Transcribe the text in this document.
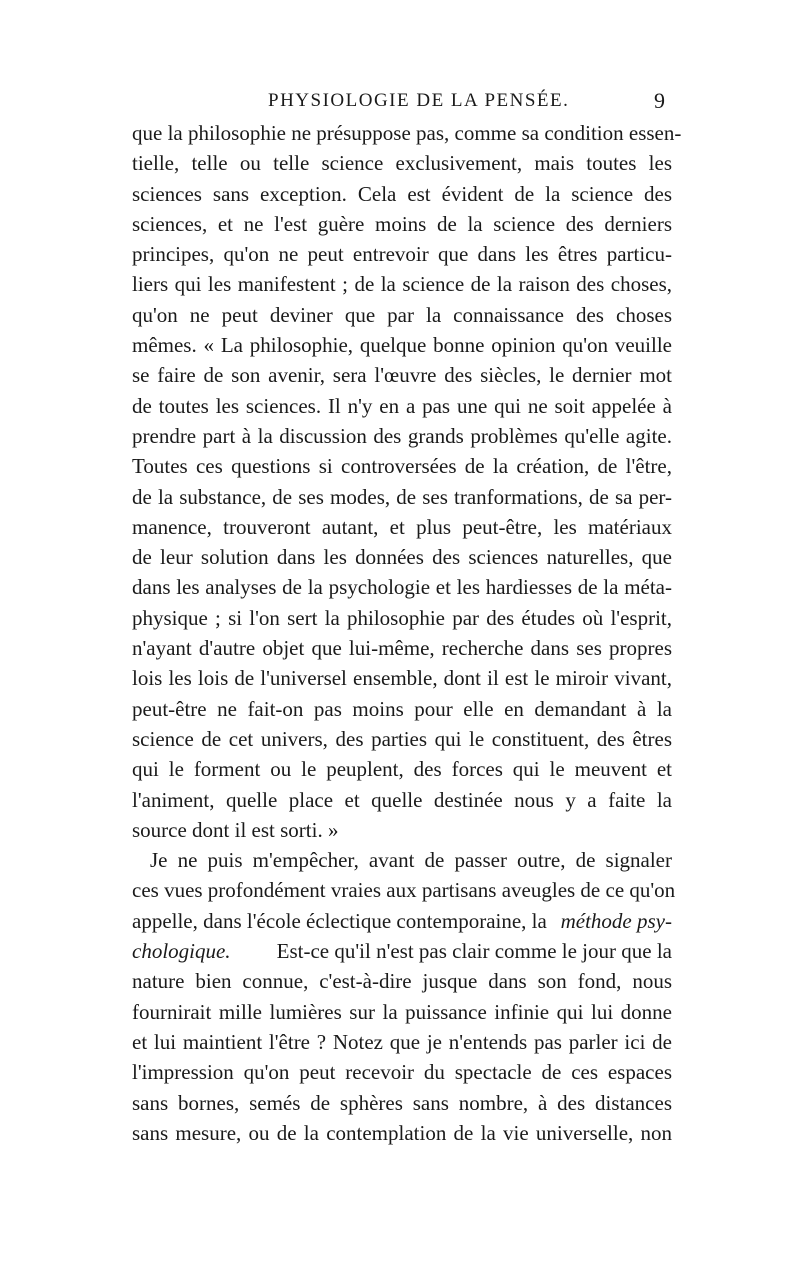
PHYSIOLOGIE DE LA PENSÉE.	9
que la philosophie ne présuppose pas, comme sa condition essen-
tielle, telle ou telle science exclusivement, mais toutes les
sciences sans exception. Cela est évident de la science des
sciences, et ne l'est guère moins de la science des derniers
principes, qu'on ne peut entrevoir que dans les êtres particu-
liers qui les manifestent ; de la science de la raison des choses,
qu'on ne peut deviner que par la connaissance des choses
mêmes. « La philosophie, quelque bonne opinion qu'on veuille
se faire de son avenir, sera l'œuvre des siècles, le dernier mot
de toutes les sciences. Il n'y en a pas une qui ne soit appelée à
prendre part à la discussion des grands problèmes qu'elle agite.
Toutes ces questions si controversées de la création, de l'être,
de la substance, de ses modes, de ses tranformations, de sa per-
manence, trouveront autant, et plus peut-être, les matériaux
de leur solution dans les données des sciences naturelles, que
dans les analyses de la psychologie et les hardiesses de la méta-
physique ; si l'on sert la philosophie par des études où l'esprit,
n'ayant d'autre objet que lui-même, recherche dans ses propres
lois les lois de l'universel ensemble, dont il est le miroir vivant,
peut-être ne fait-on pas moins pour elle en demandant à la
science de cet univers, des parties qui le constituent, des êtres
qui le forment ou le peuplent, des forces qui le meuvent et
l'animent, quelle place et quelle destinée nous y a faite la
source dont il est sorti. »
Je ne puis m'empêcher, avant de passer outre, de signaler
ces vues profondément vraies aux partisans aveugles de ce qu'on
appelle, dans l'école éclectique contemporaine, la méthode psy-
chologique. Est-ce qu'il n'est pas clair comme le jour que la
nature bien connue, c'est-à-dire jusque dans son fond, nous
fournirait mille lumières sur la puissance infinie qui lui donne
et lui maintient l'être ? Notez que je n'entends pas parler ici de
l'impression qu'on peut recevoir du spectacle de ces espaces
sans bornes, semés de sphères sans nombre, à des distances
sans mesure, ou de la contemplation de la vie universelle, non
